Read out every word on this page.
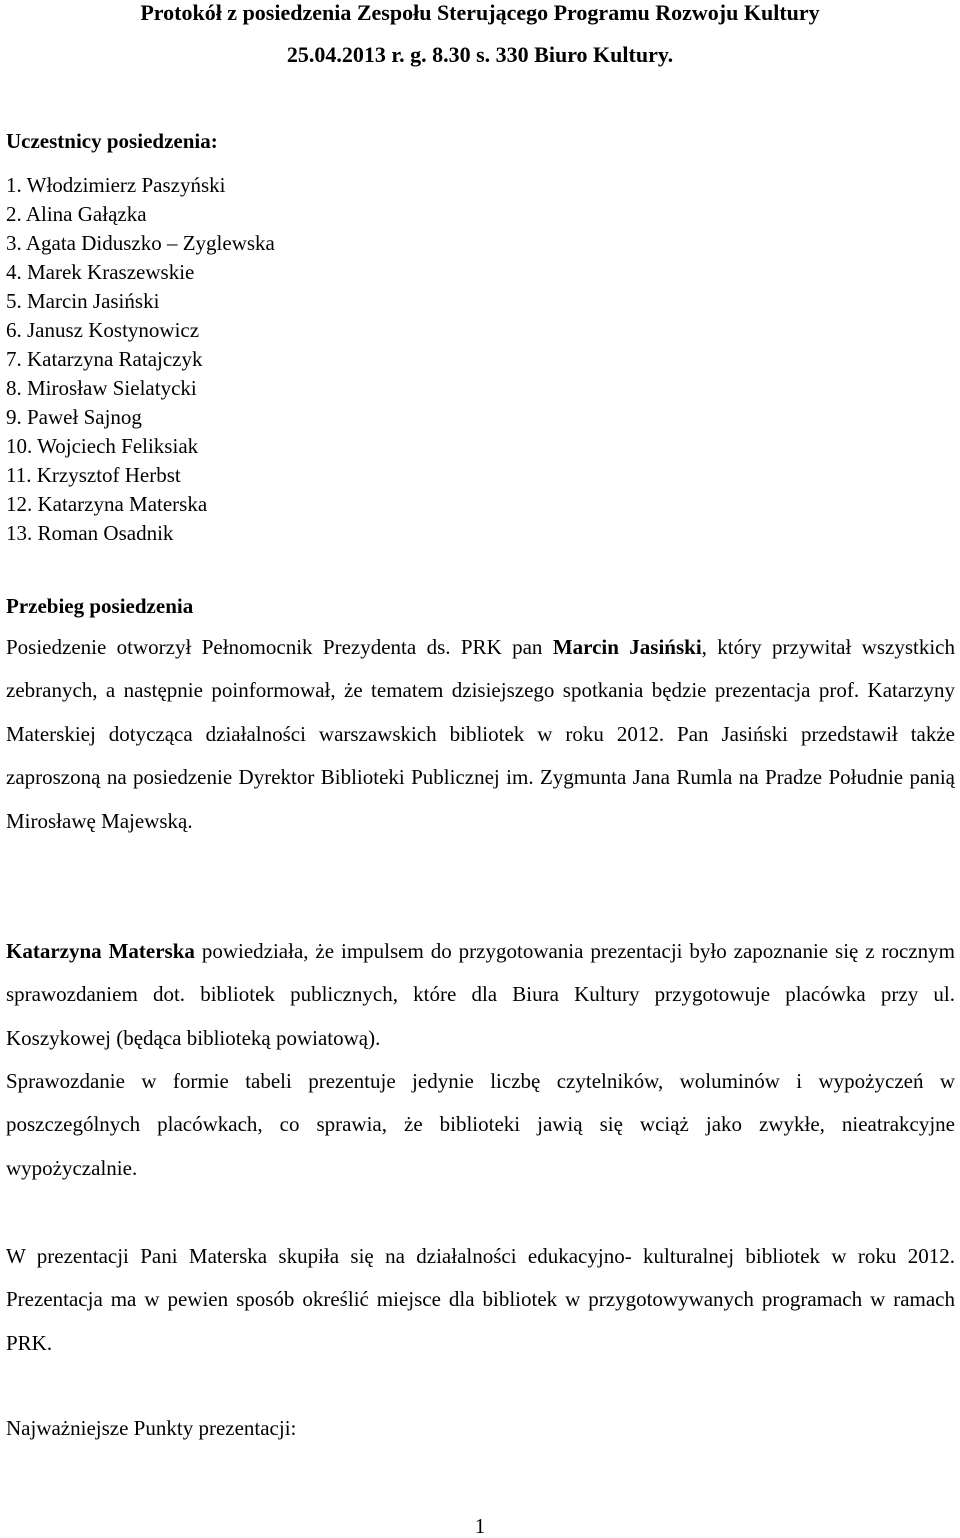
Protokół z posiedzenia Zespołu Sterującego Programu Rozwoju Kultury
25.04.2013 r. g. 8.30 s. 330 Biuro Kultury.
Uczestnicy posiedzenia:
1. Włodzimierz Paszyński
2. Alina Gałązka
3. Agata Diduszko – Zyglewska
4. Marek Kraszewskie
5. Marcin Jasiński
6. Janusz Kostynowicz
7. Katarzyna Ratajczyk
8. Mirosław Sielatycki
9. Paweł Sajnog
10. Wojciech Feliksiak
11. Krzysztof Herbst
12. Katarzyna Materska
13. Roman Osadnik
Przebieg posiedzenia

Posiedzenie otworzył Pełnomocnik Prezydenta ds. PRK pan Marcin Jasiński, który przywitał wszystkich zebranych, a następnie poinformował, że tematem dzisiejszego spotkania będzie prezentacja prof. Katarzyny Materskiej dotycząca działalności warszawskich bibliotek w roku 2012. Pan Jasiński przedstawił także zaproszoną na posiedzenie Dyrektor Biblioteki Publicznej im. Zygmunta Jana Rumla na Pradze Południe panią Mirosławę Majewską.

Katarzyna Materska powiedziała, że impulsem do przygotowania prezentacji było zapoznanie się z rocznym sprawozdaniem dot. bibliotek publicznych, które dla Biura Kultury przygotowuje placówka przy ul. Koszykowej (będąca biblioteką powiatową).

Sprawozdanie w formie tabeli prezentuje jedynie liczbę czytelników, woluminów i wypożyczeń w poszczególnych placówkach, co sprawia, że biblioteki jawią się wciąż jako zwykłe, nieatrakcyjne wypożyczalnie.

W prezentacji Pani Materska skupiła się na działalności edukacyjno- kulturalnej bibliotek w roku 2012. Prezentacja ma w pewien sposób określić miejsce dla bibliotek w przygotowywanych programach w ramach PRK.

Najważniejsze Punkty prezentacji:

1
